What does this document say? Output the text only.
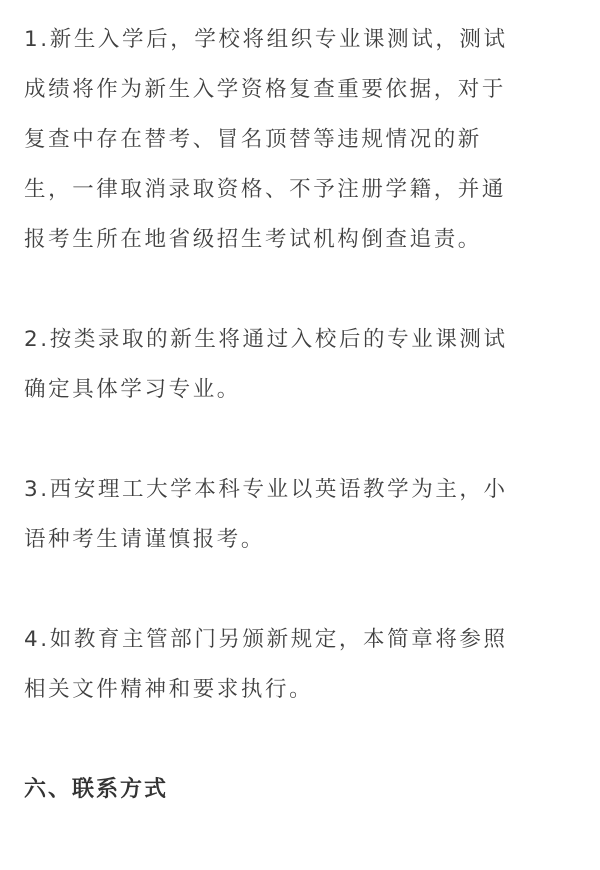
1.新生入学后，学校将组织专业课测试，测试
成绩将作为新生入学资格复查重要依据，对于
复查中存在替考、冒名顶替等违规情况的新
生，一律取消录取资格、不予注册学籍，并通
报考生所在地省级招生考试机构倒查追责。

2.按类录取的新生将通过入校后的专业课测试
确定具体学习专业。

3.西安理工大学本科专业以英语教学为主，小
语种考生请谨慎报考。

4.如教育主管部门另颁新规定，本简章将参照
相关文件精神和要求执行。

六、联系方式
